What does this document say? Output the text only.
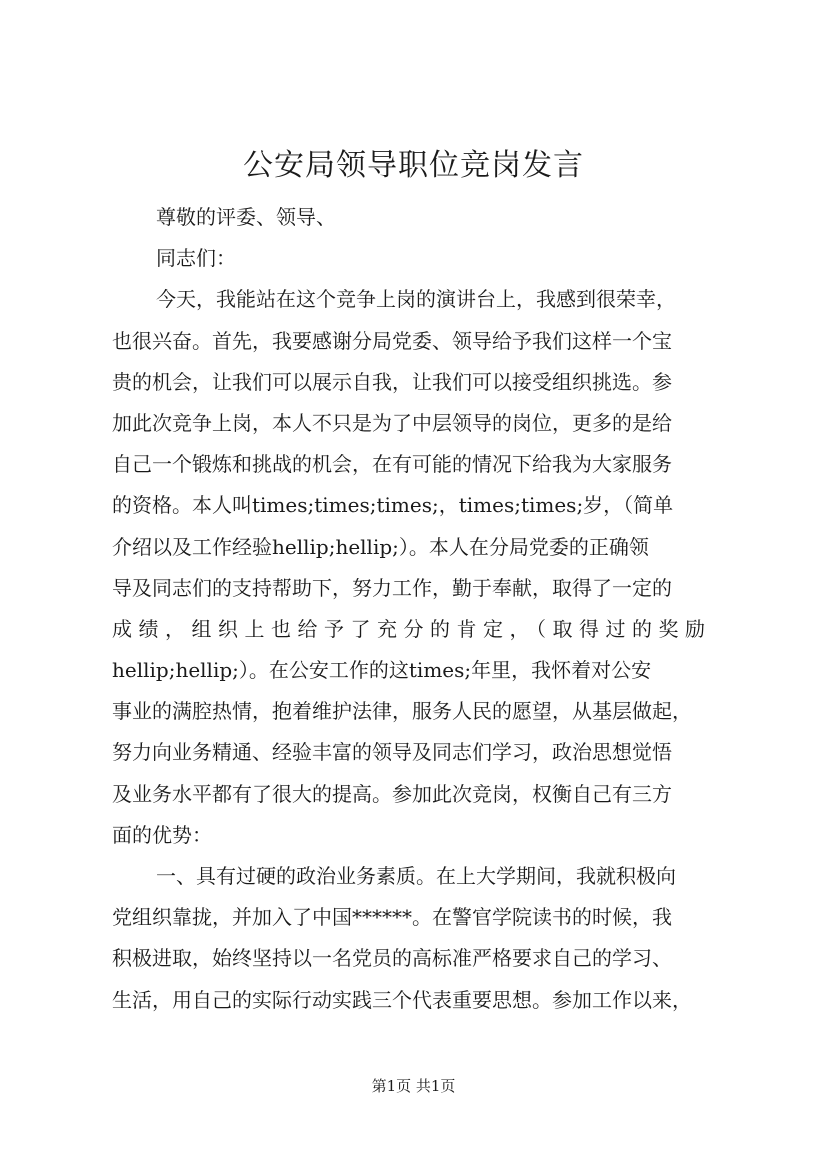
公安局领导职位竞岗发言
尊敬的评委、领导、
同志们：
今天，我能站在这个竞争上岗的演讲台上，我感到很荣幸，
也很兴奋。首先，我要感谢分局党委、领导给予我们这样一个宝
贵的机会，让我们可以展示自我，让我们可以接受组织挑选。参
加此次竞争上岗，本人不只是为了中层领导的岗位，更多的是给
自己一个锻炼和挑战的机会，在有可能的情况下给我为大家服务
的资格。本人叫times;times;times;，times;times;岁，（简单
介绍以及工作经验hellip;hellip;）。本人在分局党委的正确领
导及同志们的支持帮助下，努力工作，勤于奉献，取得了一定的
成绩，组织上也给予了充分的肯定，（取得过的奖励
hellip;hellip;）。在公安工作的这times;年里，我怀着对公安
事业的满腔热情，抱着维护法律，服务人民的愿望，从基层做起，
努力向业务精通、经验丰富的领导及同志们学习，政治思想觉悟
及业务水平都有了很大的提高。参加此次竞岗，权衡自己有三方
面的优势：
一、具有过硬的政治业务素质。在上大学期间，我就积极向
党组织靠拢，并加入了中国******。在警官学院读书的时候，我
积极进取，始终坚持以一名党员的高标准严格要求自己的学习、
生活，用自己的实际行动实践三个代表重要思想。参加工作以来，
第1页 共1页
